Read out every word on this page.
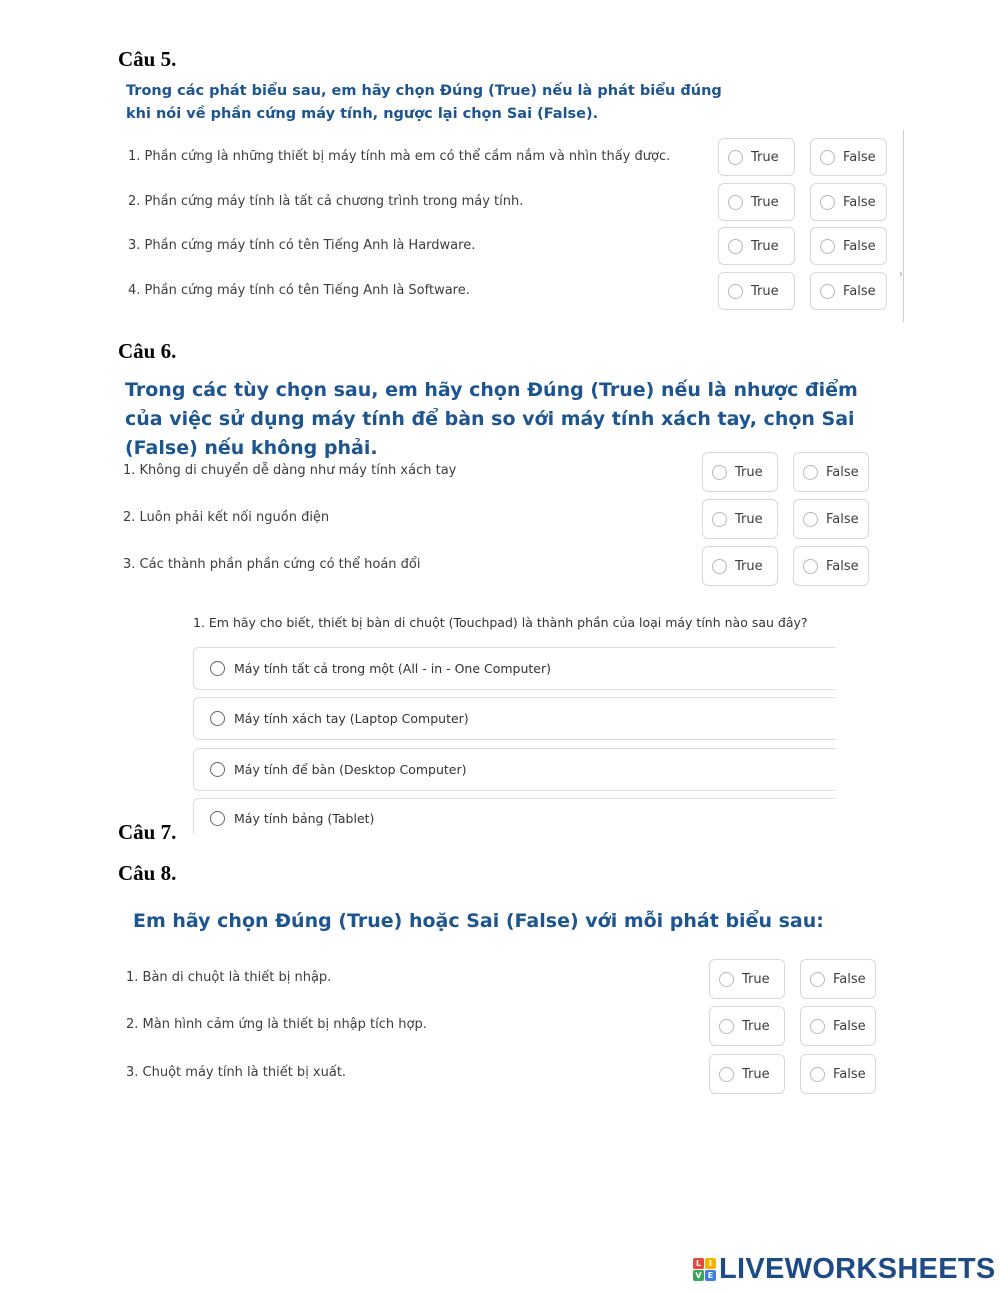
Câu 5.
Trong các phát biểu sau, em hãy chọn Đúng (True) nếu là phát biểu đúng khi nói về phần cứng máy tính, ngược lại chọn Sai (False).
1. Phần cứng là những thiết bị máy tính mà em có thể cầm nắm và nhìn thấy được.	True	False
2. Phần cứng máy tính là tất cả chương trình trong máy tính.	True	False
3. Phần cứng máy tính có tên Tiếng Anh là Hardware.	True	False
4. Phần cứng máy tính có tên Tiếng Anh là Software.	True	False
›
Câu 6.
Trong các tùy chọn sau, em hãy chọn Đúng (True) nếu là nhược điểm của việc sử dụng máy tính để bàn so với máy tính xách tay, chọn Sai (False) nếu không phải.
1. Không di chuyển dễ dàng như máy tính xách tay	True	False
2. Luôn phải kết nối nguồn điện	True	False
3. Các thành phần phần cứng có thể hoán đổi	True	False
1. Em hãy cho biết, thiết bị bàn di chuột (Touchpad) là thành phần của loại máy tính nào sau đây?
Máy tính tất cả trong một (All - in - One Computer)
Máy tính xách tay (Laptop Computer)
Máy tính để bàn (Desktop Computer)
Máy tính bảng (Tablet)
Câu 7.
Câu 8.
Em hãy chọn Đúng (True) hoặc Sai (False) với mỗi phát biểu sau:
1. Bàn di chuột là thiết bị nhập.	True	False
2. Màn hình cảm ứng là thiết bị nhập tích hợp.	True	False
3. Chuột máy tính là thiết bị xuất.	True	False
L I
V E LIVEWORKSHEETS
